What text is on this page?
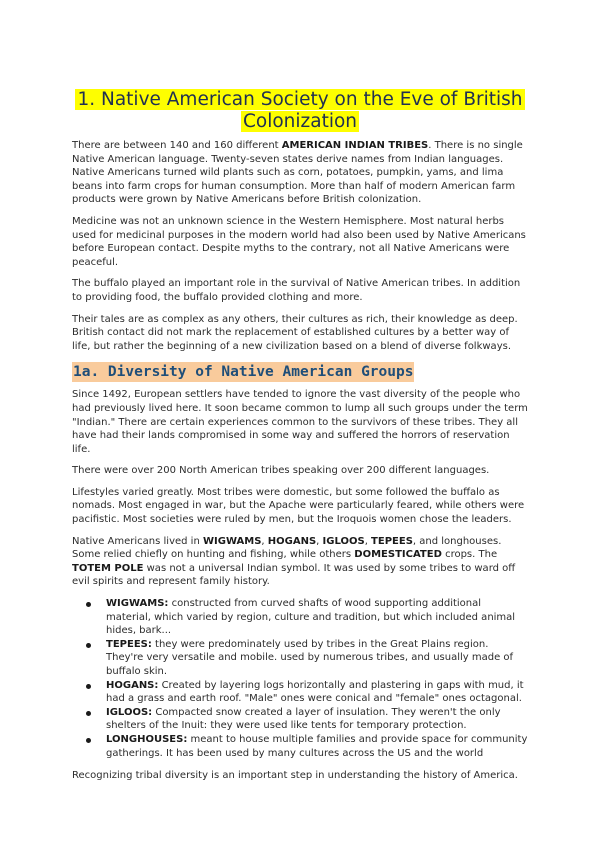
1. Native American Society on the Eve of British Colonization

There are between 140 and 160 different AMERICAN INDIAN TRIBES. There is no single Native American language. Twenty-seven states derive names from Indian languages. Native Americans turned wild plants such as corn, potatoes, pumpkin, yams, and lima beans into farm crops for human consumption. More than half of modern American farm products were grown by Native Americans before British colonization.

Medicine was not an unknown science in the Western Hemisphere. Most natural herbs used for medicinal purposes in the modern world had also been used by Native Americans before European contact. Despite myths to the contrary, not all Native Americans were peaceful.

The buffalo played an important role in the survival of Native American tribes. In addition to providing food, the buffalo provided clothing and more.

Their tales are as complex as any others, their cultures as rich, their knowledge as deep. British contact did not mark the replacement of established cultures by a better way of life, but rather the beginning of a new civilization based on a blend of diverse folkways.

1a. Diversity of Native American Groups

Since 1492, European settlers have tended to ignore the vast diversity of the people who had previously lived here. It soon became common to lump all such groups under the term "Indian." There are certain experiences common to the survivors of these tribes. They all have had their lands compromised in some way and suffered the horrors of reservation life.

There were over 200 North American tribes speaking over 200 different languages.

Lifestyles varied greatly. Most tribes were domestic, but some followed the buffalo as nomads. Most engaged in war, but the Apache were particularly feared, while others were pacifistic. Most societies were ruled by men, but the Iroquois women chose the leaders.

Native Americans lived in WIGWAMS, HOGANS, IGLOOS, TEPEES, and longhouses. Some relied chiefly on hunting and fishing, while others DOMESTICATED crops. The TOTEM POLE was not a universal Indian symbol. It was used by some tribes to ward off evil spirits and represent family history.

WIGWAMS: constructed from curved shafts of wood supporting additional material, which varied by region, culture and tradition, but which included animal hides, bark...
TEPEES: they were predominately used by tribes in the Great Plains region. They're very versatile and mobile. used by numerous tribes, and usually made of buffalo skin.
HOGANS: Created by layering logs horizontally and plastering in gaps with mud, it had a grass and earth roof. "Male" ones were conical and "female" ones octagonal.
IGLOOS: Compacted snow created a layer of insulation. They weren't the only shelters of the Inuit: they were used like tents for temporary protection.
LONGHOUSES: meant to house multiple families and provide space for community gatherings. It has been used by many cultures across the US and the world

Recognizing tribal diversity is an important step in understanding the history of America.
